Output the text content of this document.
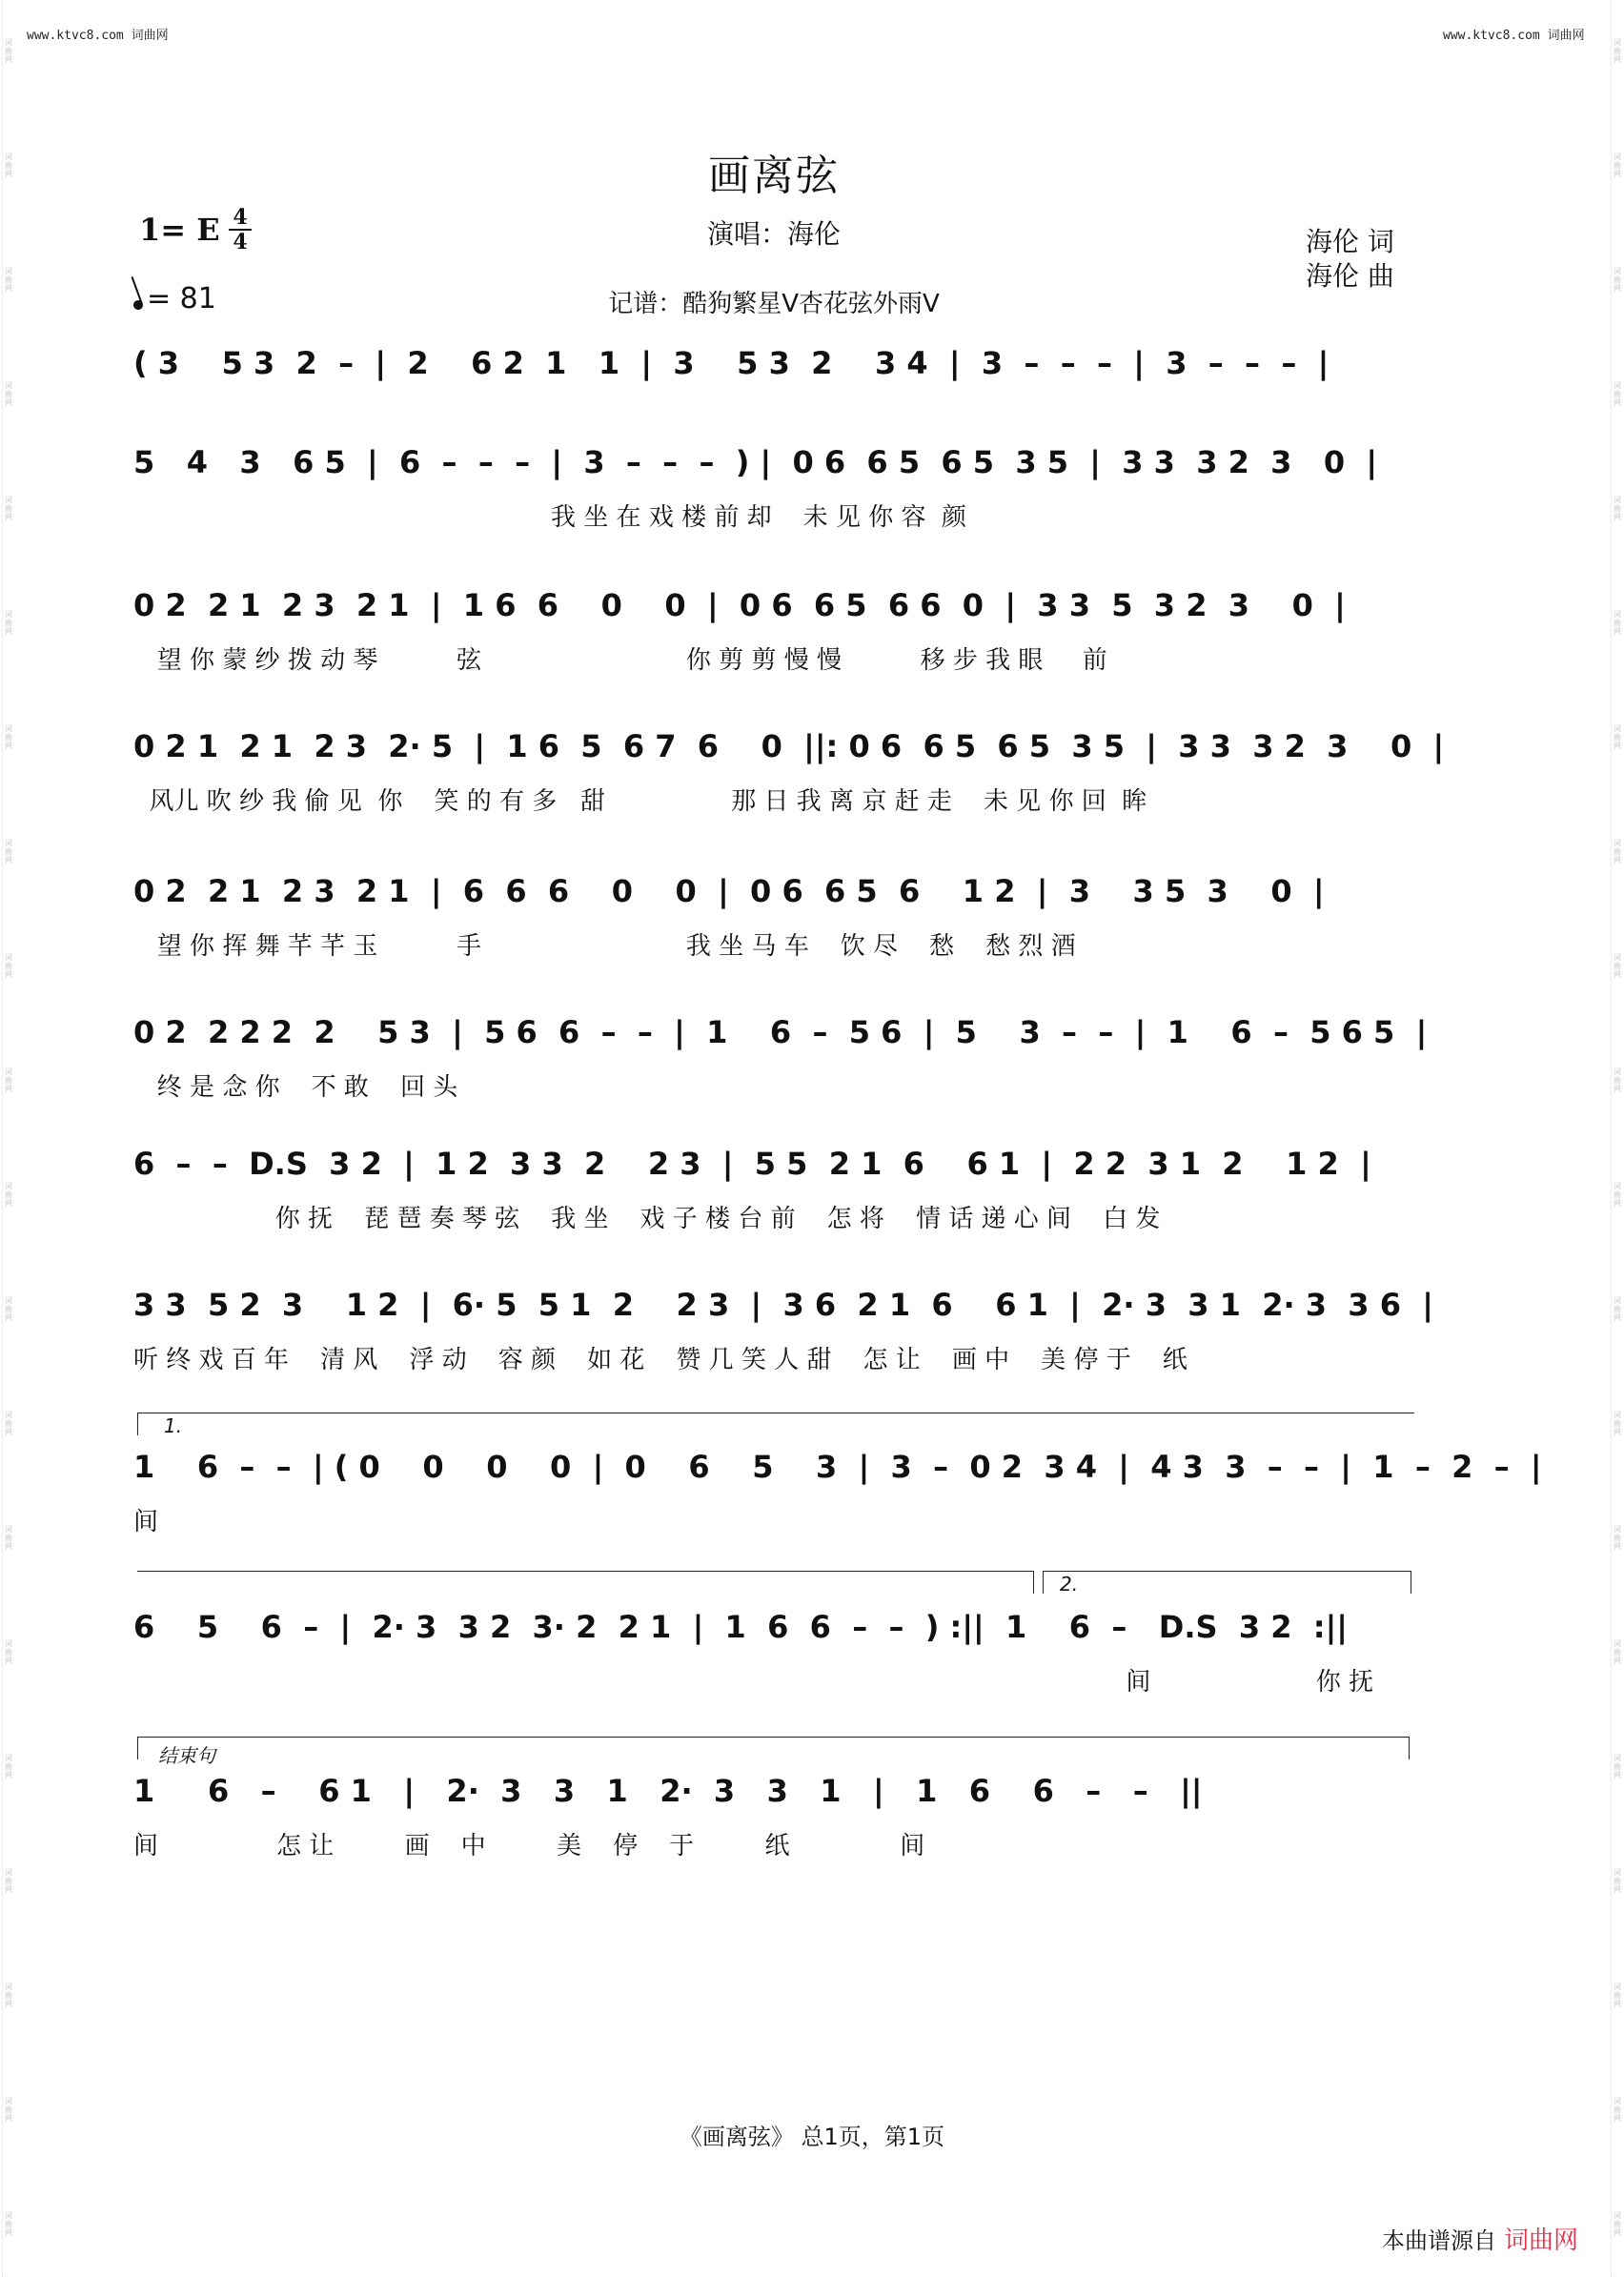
www.ktvc8.com 词曲网	www.ktvc8.com 词曲网
画离弦
演唱：海伦
1= E 4
4
= 81
海伦 词
海伦 曲
记谱：酷狗繁星V杏花弦外雨V
( 3    5 3  2  –  |  2    6 2  1   1  |  3    5 3  2    3 4  |  3  –  –  –  |  3  –  –  –  |
5   4   3   6 5  |  6  –  –  –  |  3  –  –  –  ) |  0 6  6 5  6 5  3 5  |  3 3  3 2  3   0  |
我 坐 在 戏 楼 前 却    未 见 你 容  颜
0 2  2 1  2 3  2 1  |  1 6  6    0    0  |  0 6  6 5  6 6  0  |  3 3  5  3 2  3    0  |
望 你 蒙 纱 拨 动 琴          弦                          你 剪 剪 慢 慢          移 步 我 眼     前
0 2 1  2 1  2 3  2· 5  |  1 6  5  6 7  6    0  ||: 0 6  6 5  6 5  3 5  |  3 3  3 2  3    0  |
风儿 吹 纱 我 偷 见  你    笑 的 有 多   甜                那 日 我 离 京 赶 走    未 见 你 回  眸
0 2  2 1  2 3  2 1  |  6  6  6    0    0  |  0 6  6 5  6    1 2  |  3    3 5  3    0  |
望 你 挥 舞 芊 芊 玉          手                          我 坐 马 车    饮 尽    愁    愁 烈 酒
0 2  2 2 2  2    5 3  |  5 6  6  –  –  |  1    6  –  5 6  |  5    3  –  –  |  1    6  –  5 6 5  |
终 是 念 你    不 敢    回 头
6  –  –  D.S  3 2  |  1 2  3 3  2    2 3  |  5 5  2 1  6    6 1  |  2 2  3 1  2    1 2  |
你 抚    琵 琶 奏 琴 弦    我 坐    戏 子 楼 台 前    怎 将    情 话 递 心 间    白 发
3 3  5 2  3    1 2  |  6· 5  5 1  2    2 3  |  3 6  2 1  6    6 1  |  2· 3  3 1  2· 3  3 6  |
听 终 戏 百 年    清 风    浮 动    容 颜    如 花    赞 几 笑 人 甜    怎 让    画 中    美 停 于    纸
1.
1    6  –  –  | ( 0    0    0    0  |  0    6    5    3  |  3  –  0 2  3 4  |  4 3  3  –  –  |  1  –  2  –  |
间
2.
6    5    6  –  |  2· 3  3 2  3· 2  2 1  |  1  6  6  –  –  ) :||  1    6  –   D.S  3 2  :||
间                     你 抚
结束句
1     6   –    6 1   |   2·  3   3   1   2·  3   3   1   |   1   6    6   –   –   ||
间               怎 让         画    中         美    停    于         纸              间
《画离弦》 总1页，第1页
本曲谱源自 词曲网
词
曲
网
词
曲
网
词
曲
网
词
曲
网
词
曲
网
词
曲
网
词
曲
网
词
曲
网
词
曲
网
词
曲
网
词
曲
网
词
曲
网
词
曲
网
词
曲
网
词
曲
网
词
曲
网
词
曲
网
词
曲
网
词
曲
网
词
曲
网
词
曲
网
词
曲
网
词
曲
网
词
曲
网
词
曲
网
词
曲
网
词
曲
网
词
曲
网
词
曲
网
词
曲
网
词
曲
网
词
曲
网
词
曲
网
词
曲
网
词
曲
网
词
曲
网
词
曲
网
词
曲
网
词
曲
网
词
曲
网
